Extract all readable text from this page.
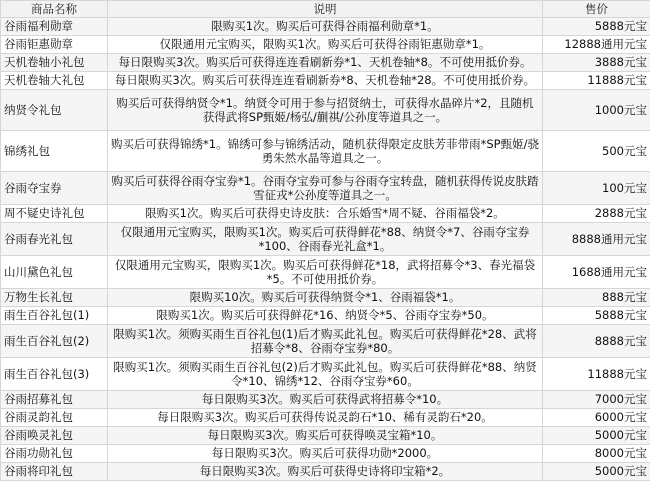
商品名称	说明	售价
谷雨福利勋章	限购买1次。购买后可获得谷雨福利勋章*1。	5888元宝
谷雨钜惠勋章	仅限通用元宝购买，限购买1次。购买后可获得谷雨钜惠勋章*1。	12888通用元宝
天机卷轴小礼包	每日限购买3次。购买后可获得连连看刷新券*1、天机卷轴*8。不可使用抵价券。	3888元宝
天机卷轴大礼包	每日限购买3次。购买后可获得连连看刷新券*8、天机卷轴*28。不可使用抵价券。	11888元宝
纳贤令礼包	购买后可获得纳贤令*1。纳贤令可用于参与招贤纳士，可获得水晶碎片*2，且随机获得武将SP甄姬/杨弘/蒯祺/公孙度等道具之一。	1000元宝
锦绣礼包	购买后可获得锦绣*1。锦绣可参与锦绣活动，随机获得限定皮肤芳菲带雨*SP甄姬/骁勇朱然水晶等道具之一。	500元宝
谷雨夺宝券	购买后可获得谷雨夺宝券*1。谷雨夺宝券可参与谷雨夺宝转盘，随机获得传说皮肤踏雪征戎*公孙度等道具之一。	100元宝
周不疑史诗礼包	限购买1次。购买后可获得史诗皮肤：合乐婚雪*周不疑、谷雨福袋*2。	2888元宝
谷雨春光礼包	仅限通用元宝购买，限购买1次。购买后可获得鲜花*88、纳贤令*7、谷雨夺宝券*100、谷雨春光礼盒*1。	8888通用元宝
山川黛色礼包	仅限通用元宝购买，限购买1次。购买后可获得鲜花*18，武将招募令*3、春光福袋*5。不可使用抵价券。	1688通用元宝
万物生长礼包	限购买10次。购买后可获得纳贤令*1、谷雨福袋*1。	888元宝
雨生百谷礼包(1)	限购买1次。购买后可获得鲜花*16、纳贤令*5、谷雨夺宝券*50。	5888元宝
雨生百谷礼包(2)	限购买1次。须购买雨生百谷礼包(1)后才购买此礼包。购买后可获得鲜花*28、武将招募令*8、谷雨夺宝券*80。	8888元宝
雨生百谷礼包(3)	限购买1次。须购买雨生百谷礼包(2)后才购买此礼包。购买后可获得鲜花*88、纳贤令*10、锦绣*12、谷雨夺宝券*60。	11888元宝
谷雨招募礼包	每日限购买3次。购买后可获得武将招募令*10。	7000元宝
谷雨灵韵礼包	每日限购买3次。购买后可获得传说灵韵石*10、稀有灵韵石*20。	6000元宝
谷雨唤灵礼包	每日限购买3次。购买后可获得唤灵宝箱*10。	5000元宝
谷雨功勋礼包	每日限购买3次。购买后可获得功勋*2000。	8000元宝
谷雨将印礼包	每日限购买3次。购买后可获得史诗将印宝箱*2。	5000元宝
